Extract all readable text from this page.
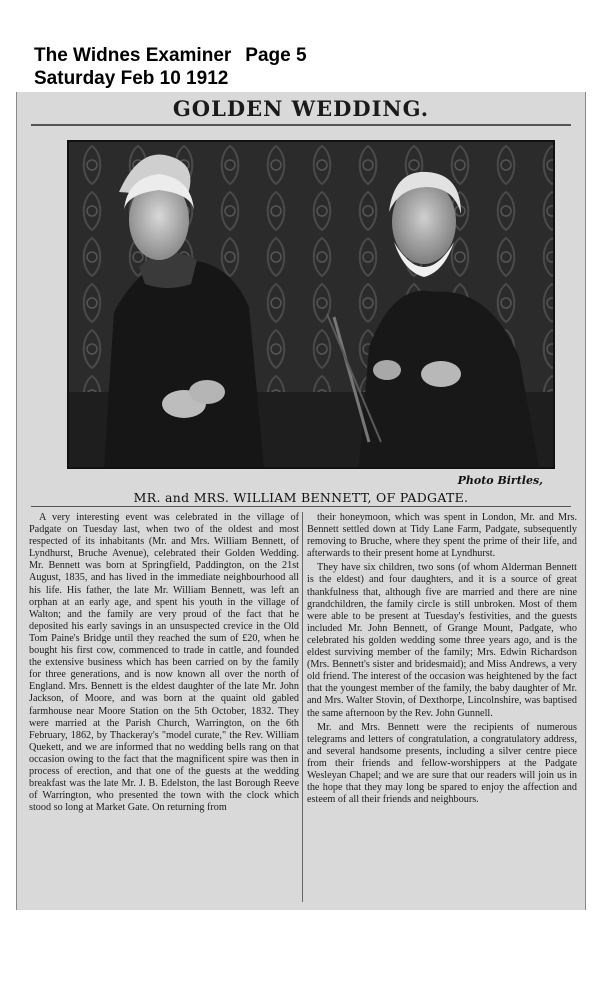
The Widnes Examiner Page 5
Saturday Feb 10 1912
GOLDEN WEDDING.
Photo Birtles,
MR. and MRS. WILLIAM BENNETT, OF PADGATE.

A very interesting event was celebrated in the village of Padgate on Tuesday last, when two of the oldest and most respected of its inhabitants (Mr. and Mrs. William Bennett, of Lyndhurst, Bruche Avenue), celebrated their Golden Wedding. Mr. Bennett was born at Springfield, Paddington, on the 21st August, 1835, and has lived in the immediate neighbourhood all his life. His father, the late Mr. William Bennett, was left an orphan at an early age, and spent his youth in the village of Walton; and the family are very proud of the fact that he deposited his early savings in an unsuspected crevice in the Old Tom Paine's Bridge until they reached the sum of £20, when he bought his first cow, commenced to trade in cattle, and founded the extensive business which has been carried on by the family for three generations, and is now known all over the north of England. Mrs. Bennett is the eldest daughter of the late Mr. John Jackson, of Moore, and was born at the quaint old gabled farmhouse near Moore Station on the 5th October, 1832. They were married at the Parish Church, Warrington, on the 6th February, 1862, by Thackeray's "model curate," the Rev. William Quekett, and we are informed that no wedding bells rang on that occasion owing to the fact that the magnificent spire was then in process of erection, and that one of the guests at the wedding breakfast was the late Mr. J. B. Edelston, the last Borough Reeve of Warrington, who presented the town with the clock which stood so long at Market Gate. On returning from

their honeymoon, which was spent in London, Mr. and Mrs. Bennett settled down at Tidy Lane Farm, Padgate, subsequently removing to Bruche, where they spent the prime of their life, and afterwards to their present home at Lyndhurst.

They have six children, two sons (of whom Alderman Bennett is the eldest) and four daughters, and it is a source of great thankfulness that, although five are married and there are nine grandchildren, the family circle is still unbroken. Most of them were able to be present at Tuesday's festivities, and the guests included Mr. John Bennett, of Grange Mount, Padgate, who celebrated his golden wedding some three years ago, and is the eldest surviving member of the family; Mrs. Edwin Richardson (Mrs. Bennett's sister and bridesmaid); and Miss Andrews, a very old friend. The interest of the occasion was heightened by the fact that the youngest member of the family, the baby daughter of Mr. and Mrs. Walter Stovin, of Dexthorpe, Lincolnshire, was baptised the same afternoon by the Rev. John Gunnell.

Mr. and Mrs. Bennett were the recipients of numerous telegrams and letters of congratulation, a congratulatory address, and several handsome presents, including a silver centre piece from their friends and fellow-worshippers at the Padgate Wesleyan Chapel; and we are sure that our readers will join us in the hope that they may long be spared to enjoy the affection and esteem of all their friends and neighbours.
